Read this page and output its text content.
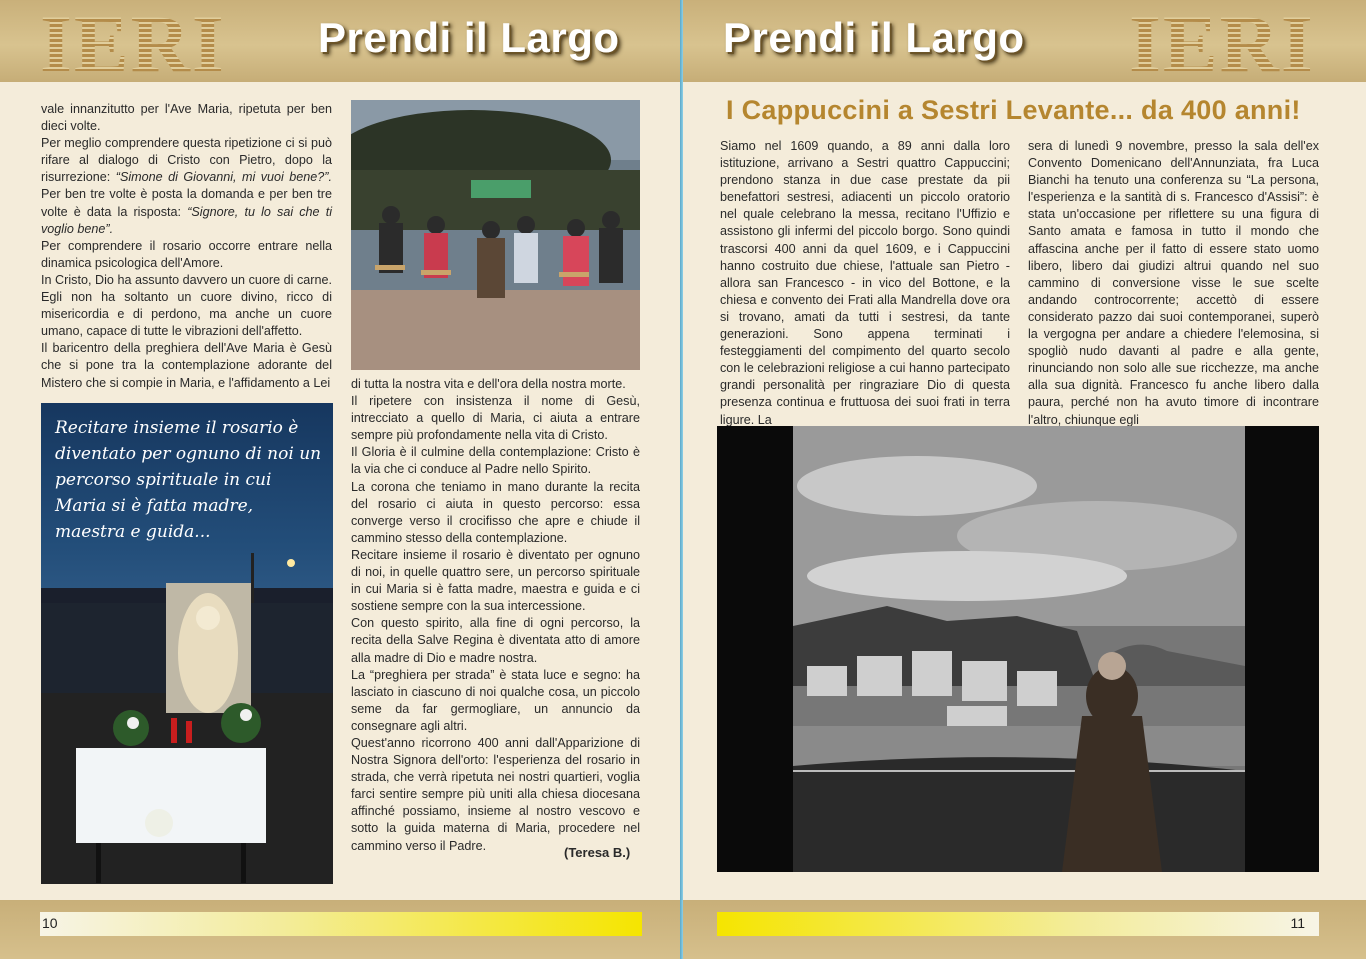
IERI Prendi il Largo

vale innanzitutto per l'Ave Maria, ripetuta per ben dieci volte.

Per meglio comprendere questa ripetizione ci si può rifare al dialogo di Cristo con Pietro, dopo la risurrezione: “Simone di Giovanni, mi vuoi bene?”. Per ben tre volte è posta la domanda e per ben tre volte è data la risposta: “Signore, tu lo sai che ti voglio bene”.

Per comprendere il rosario occorre entrare nella dinamica psicologica dell'Amore.

In Cristo, Dio ha assunto davvero un cuore di carne. Egli non ha soltanto un cuore divino, ricco di misericordia e di perdono, ma anche un cuore umano, capace di tutte le vibrazioni dell'affetto.

Il baricentro della preghiera dell'Ave Maria è Gesù che si pone tra la contemplazione adorante del Mistero che si compie in Maria, e l'affidamento a Lei

Recitare insieme il rosario è diventato per ognuno di noi un percorso spirituale in cui Maria si è fatta madre, maestra e guida...

di tutta la nostra vita e dell'ora della nostra morte.

Il ripetere con insistenza il nome di Gesù, intrecciato a quello di Maria, ci aiuta a entrare sempre più profondamente nella vita di Cristo.

Il Gloria è il culmine della contemplazione: Cristo è la via che ci conduce al Padre nello Spirito.

La corona che teniamo in mano durante la recita del rosario ci aiuta in questo percorso: essa converge verso il crocifisso che apre e chiude il cammino stesso della contemplazione.

Recitare insieme il rosario è diventato per ognuno di noi, in quelle quattro sere, un percorso spirituale in cui Maria si è fatta madre, maestra e guida e ci sostiene sempre con la sua intercessione.

Con questo spirito, alla fine di ogni percorso, la recita della Salve Regina è diventata atto di amore alla madre di Dio e madre nostra.

La “preghiera per strada” è stata luce e segno: ha lasciato in ciascuno di noi qualche cosa, un piccolo seme da far germogliare, un annuncio da consegnare agli altri.

Quest'anno ricorrono 400 anni dall'Apparizione di Nostra Signora dell'orto: l'esperienza del rosario in strada, che verrà ripetuta nei nostri quartieri, voglia farci sentire sempre più uniti alla chiesa diocesana affinché possiamo, insieme al nostro vescovo e sotto la guida materna di Maria, procedere nel cammino verso il Padre.	(Teresa B.)
10
Prendi il Largo IERI
I Cappuccini a Sestri Levante... da 400 anni!

Siamo nel 1609 quando, a 89 anni dalla loro istituzione, arrivano a Sestri quattro Cappuccini; prendono stanza in due case prestate da pii benefattori sestresi, adiacenti un piccolo oratorio nel quale celebrano la messa, recitano l'Uffizio e assistono gli infermi del piccolo borgo. Sono quindi trascorsi 400 anni da quel 1609, e i Cappuccini hanno costruito due chiese, l'attuale san Pietro - allora san Francesco - in vico del Bottone, e la chiesa e convento dei Frati alla Mandrella dove ora si trovano, amati da tutti i sestresi, da tante generazioni. Sono appena terminati i festeggiamenti del compimento del quarto secolo con le celebrazioni religiose a cui hanno partecipato grandi personalità per ringraziare Dio di questa presenza continua e fruttuosa dei suoi frati in terra ligure. La

sera di lunedì 9 novembre, presso la sala dell'ex Convento Domenicano dell'Annunziata, fra Luca Bianchi ha tenuto una conferenza su “La persona, l'esperienza e la santità di s. Francesco d'Assisi”: è stata un'occasione per riflettere su una figura di Santo amata e famosa in tutto il mondo che affascina anche per il fatto di essere stato uomo libero, libero dai giudizi altrui quando nel suo cammino di conversione visse le sue scelte andando controcorrente; accettò di essere considerato pazzo dai suoi contemporanei, superò la vergogna per andare a chiedere l'elemosina, si spogliò nudo davanti al padre e alla gente, rinunciando non solo alle sue ricchezze, ma anche alla sua dignità. Francesco fu anche libero dalla paura, perché non ha avuto timore di incontrare l'altro, chiunque egli

11
